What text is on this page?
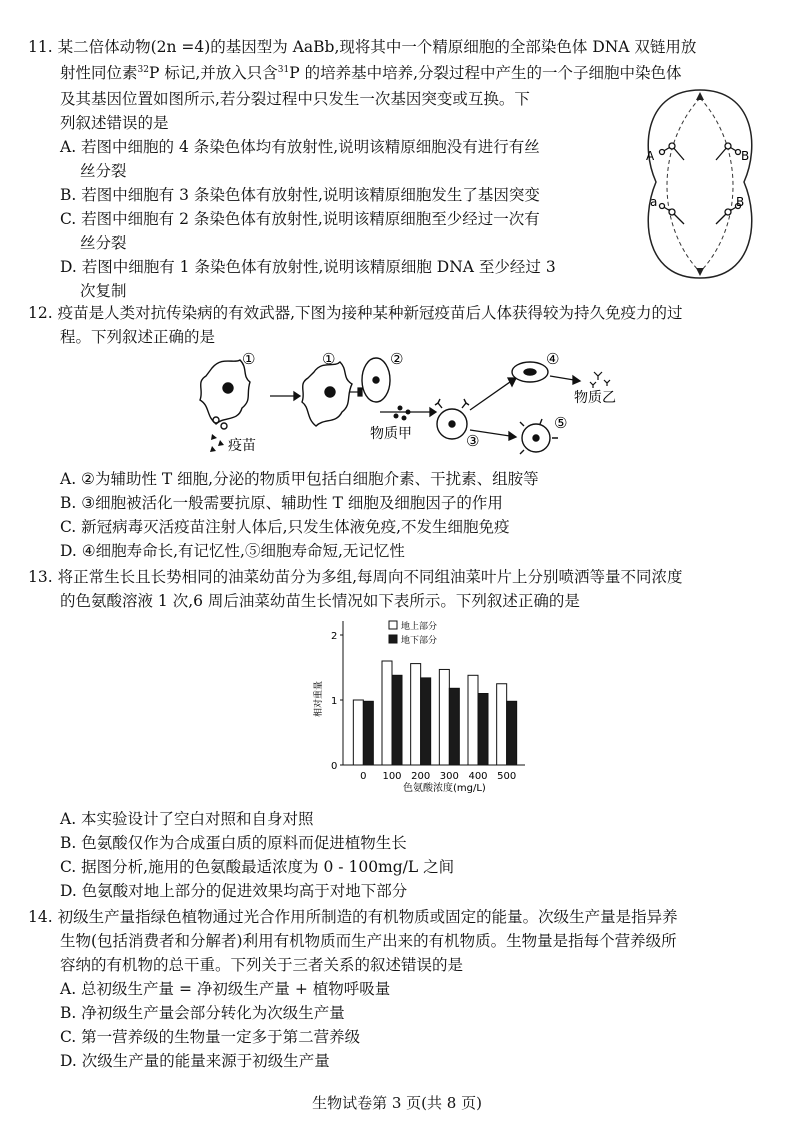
11. 某二倍体动物(2n =4)的基因型为 AaBb,现将其中一个精原细胞的全部染色体 DNA 双链用放
射性同位素$^{32}$P 标记,并放入只含$^{31}$P 的培养基中培养,分裂过程中产生的一个子细胞中染色体
及其基因位置如图所示,若分裂过程中只发生一次基因突变或互换。下
列叙述错误的是
A. 若图中细胞的 4 条染色体均有放射性,说明该精原细胞没有进行有丝
丝分裂
B. 若图中细胞有 3 条染色体有放射性,说明该精原细胞发生了基因突变
C. 若图中细胞有 2 条染色体有放射性,说明该精原细胞至少经过一次有
丝分裂
D. 若图中细胞有 1 条染色体有放射性,说明该精原细胞 DNA 至少经过 3
次复制
A	B
a	B
12. 疫苗是人类对抗传染病的有效武器,下图为接种某种新冠疫苗后人体获得较为持久免疫力的过
程。下列叙述正确的是
①
疫苗
①	②
物质甲	③
④
物质乙
⑤
A. ②为辅助性 T 细胞,分泌的物质甲包括白细胞介素、干扰素、组胺等
B. ③细胞被活化一般需要抗原、辅助性 T 细胞及细胞因子的作用
C. 新冠病毒灭活疫苗注射人体后,只发生体液免疫,不发生细胞免疫
D. ④细胞寿命长,有记忆性,⑤细胞寿命短,无记忆性
13. 将正常生长且长势相同的油菜幼苗分为多组,每周向不同组油菜叶片上分别喷洒等量不同浓度
的色氨酸溶液 1 次,6 周后油菜幼苗生长情况如下表所示。下列叙述正确的是
相对重量
色氨酸浓度(mg/L)
0
1
2
0 100 200 300 400 500
地上部分
地下部分
A. 本实验设计了空白对照和自身对照
B. 色氨酸仅作为合成蛋白质的原料而促进植物生长
C. 据图分析,施用的色氨酸最适浓度为 0 - 100mg/L 之间
D. 色氨酸对地上部分的促进效果均高于对地下部分
14. 初级生产量指绿色植物通过光合作用所制造的有机物质或固定的能量。次级生产量是指异养
生物(包括消费者和分解者)利用有机物质而生产出来的有机物质。生物量是指每个营养级所
容纳的有机物的总干重。下列关于三者关系的叙述错误的是
A. 总初级生产量 = 净初级生产量 + 植物呼吸量
B. 净初级生产量会部分转化为次级生产量
C. 第一营养级的生物量一定多于第二营养级
D. 次级生产量的能量来源于初级生产量
生物试卷第 3 页(共 8 页)
